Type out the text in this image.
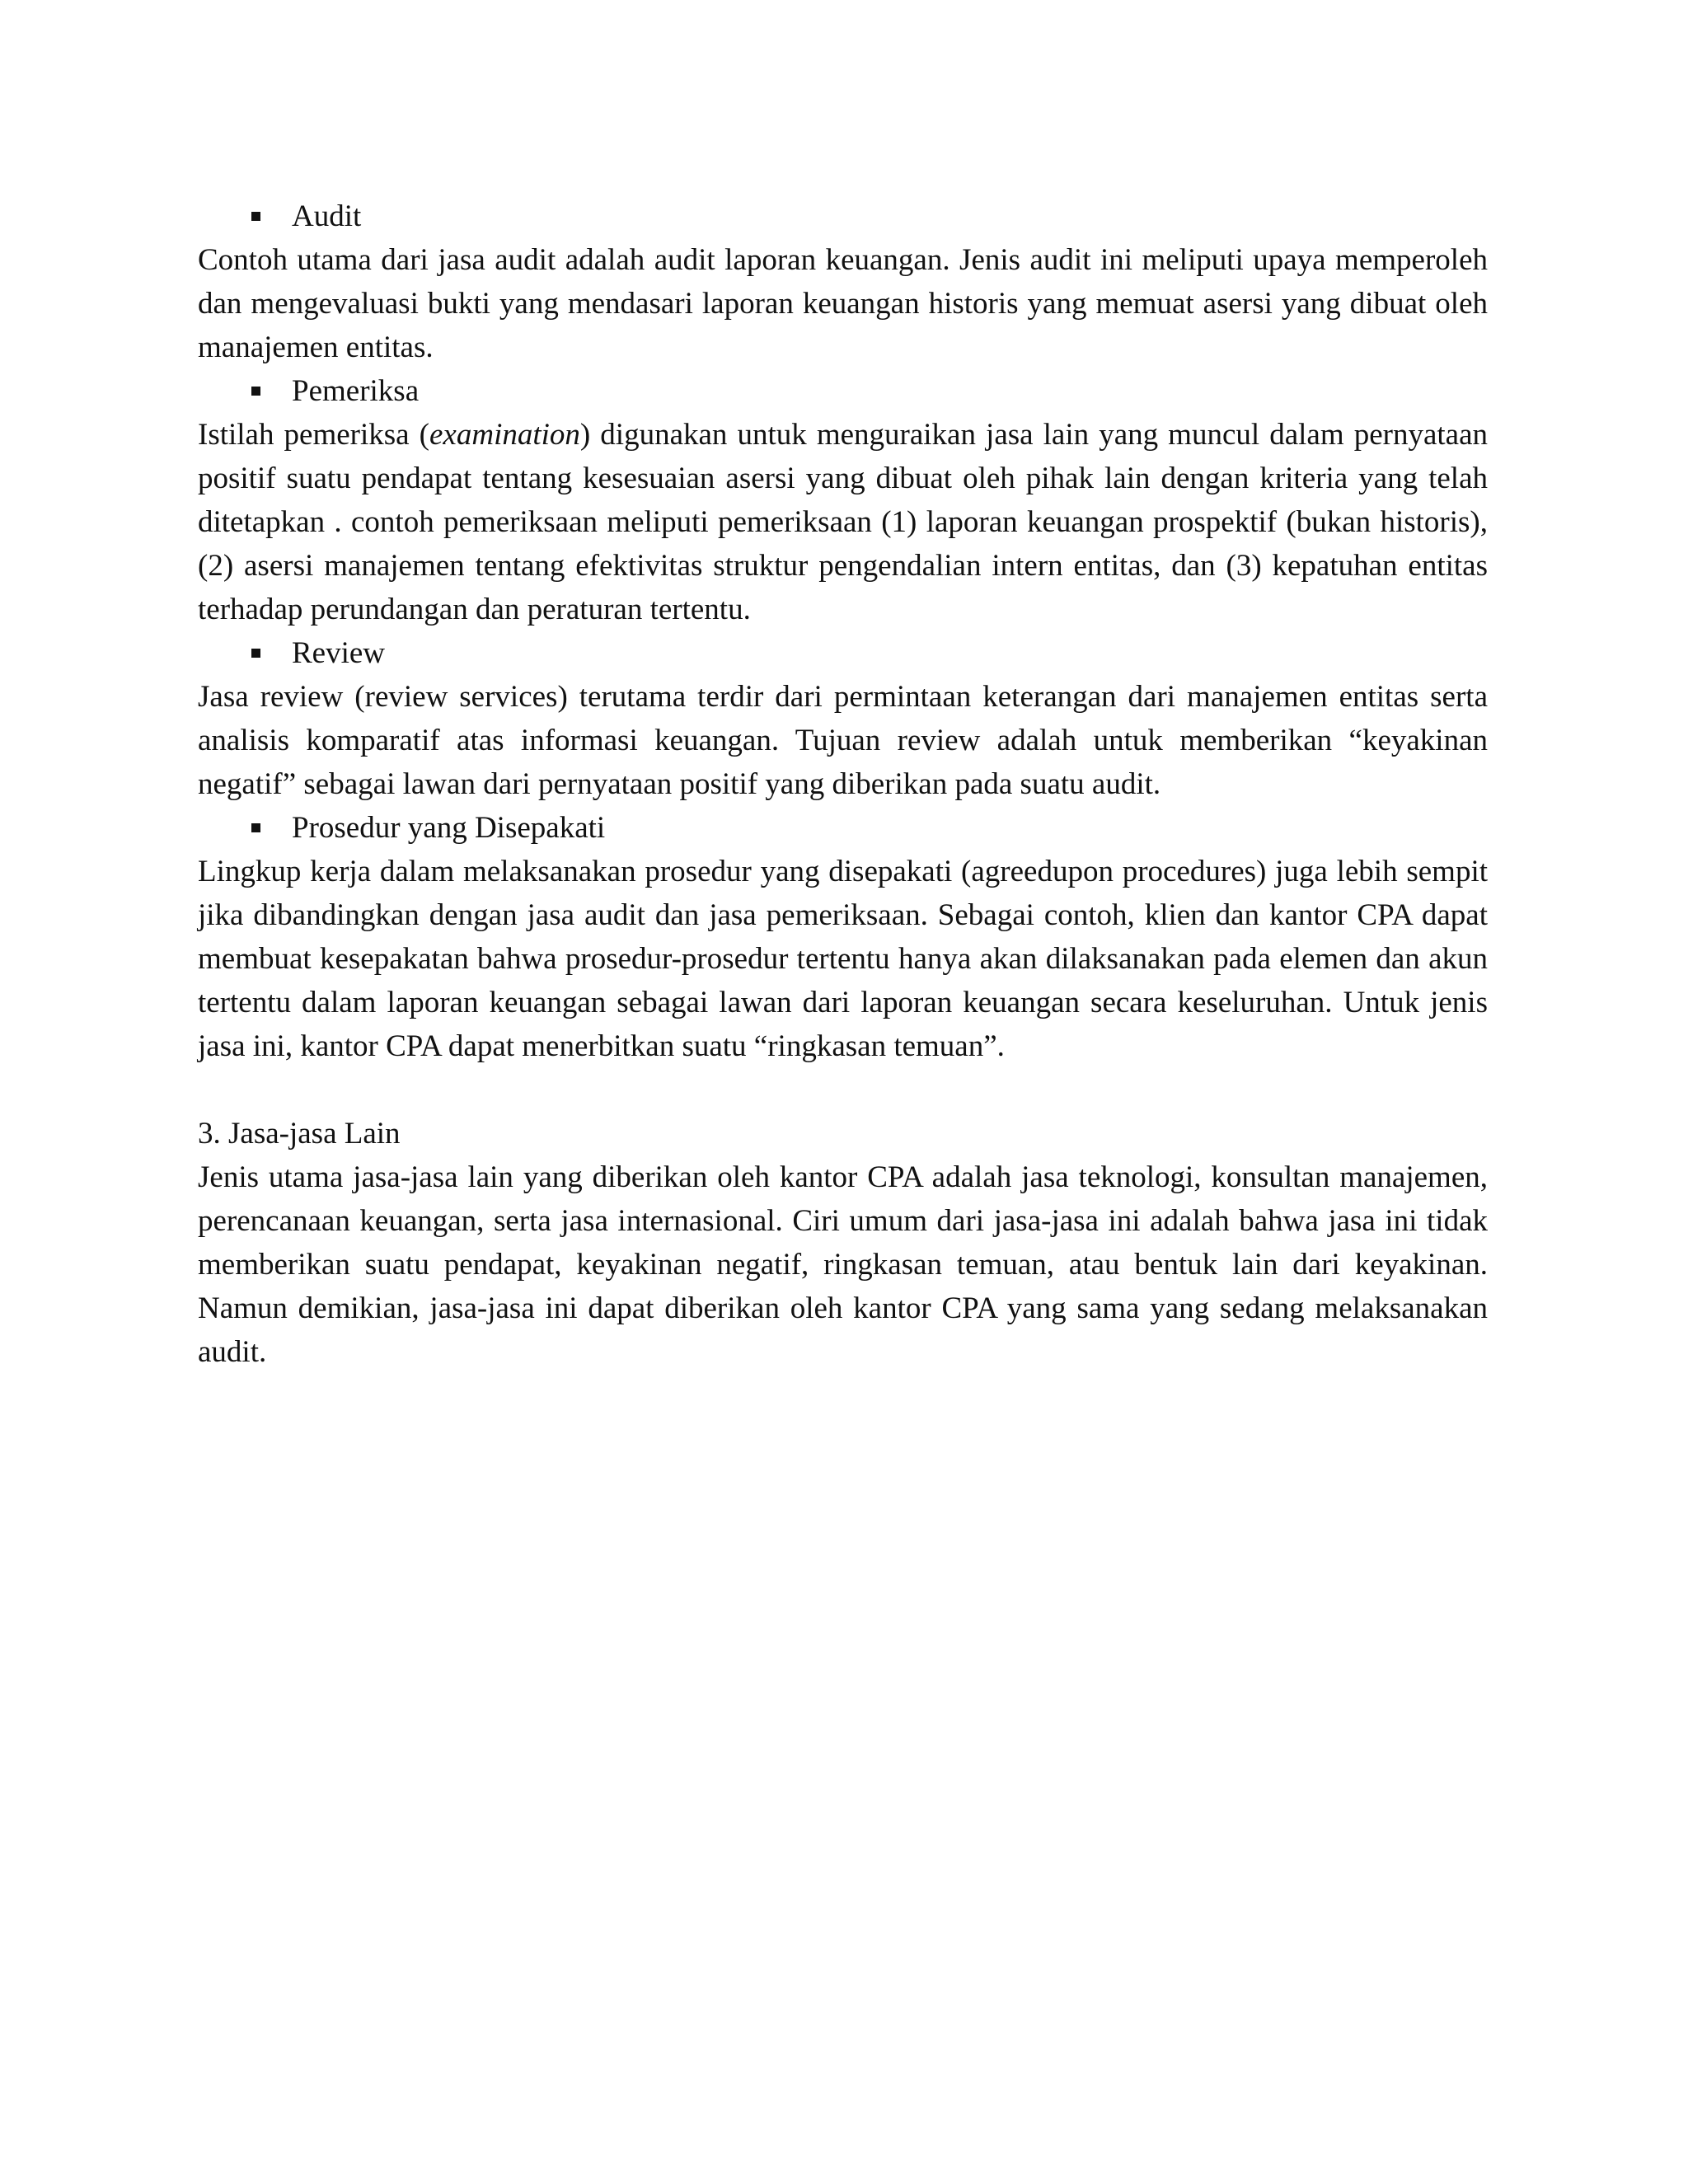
Audit

Contoh utama dari jasa audit adalah audit laporan keuangan. Jenis audit ini meliputi upaya memperoleh dan mengevaluasi bukti yang mendasari laporan keuangan historis yang memuat asersi yang dibuat oleh manajemen entitas.

Pemeriksa

Istilah pemeriksa (examination) digunakan untuk menguraikan jasa lain yang muncul dalam pernyataan positif suatu pendapat tentang kesesuaian asersi yang dibuat oleh pihak lain dengan kriteria yang telah ditetapkan . contoh pemeriksaan meliputi pemeriksaan (1) laporan keuangan prospektif (bukan historis), (2) asersi manajemen tentang efektivitas struktur pengendalian intern entitas, dan (3) kepatuhan entitas terhadap perundangan dan peraturan tertentu.

Review

Jasa review (review services) terutama terdir dari permintaan keterangan dari manajemen entitas serta analisis komparatif atas informasi keuangan. Tujuan review adalah untuk memberikan “keyakinan negatif” sebagai lawan dari pernyataan positif yang diberikan pada suatu audit.

Prosedur yang Disepakati

Lingkup kerja dalam melaksanakan prosedur yang disepakati (agreedupon procedures) juga lebih sempit jika dibandingkan dengan jasa audit dan jasa pemeriksaan. Sebagai contoh, klien dan kantor CPA dapat membuat kesepakatan bahwa prosedur-prosedur tertentu hanya akan dilaksanakan pada elemen dan akun tertentu dalam laporan keuangan sebagai lawan dari laporan keuangan secara keseluruhan. Untuk jenis jasa ini, kantor CPA dapat menerbitkan suatu “ringkasan temuan”.

3. Jasa-jasa Lain

Jenis utama jasa-jasa lain yang diberikan oleh kantor CPA adalah jasa teknologi, konsultan manajemen, perencanaan keuangan, serta jasa internasional. Ciri umum dari jasa-jasa ini adalah bahwa jasa ini tidak memberikan suatu pendapat, keyakinan negatif, ringkasan temuan, atau bentuk lain dari keyakinan. Namun demikian, jasa-jasa ini dapat diberikan oleh kantor CPA yang sama yang sedang melaksanakan audit.
